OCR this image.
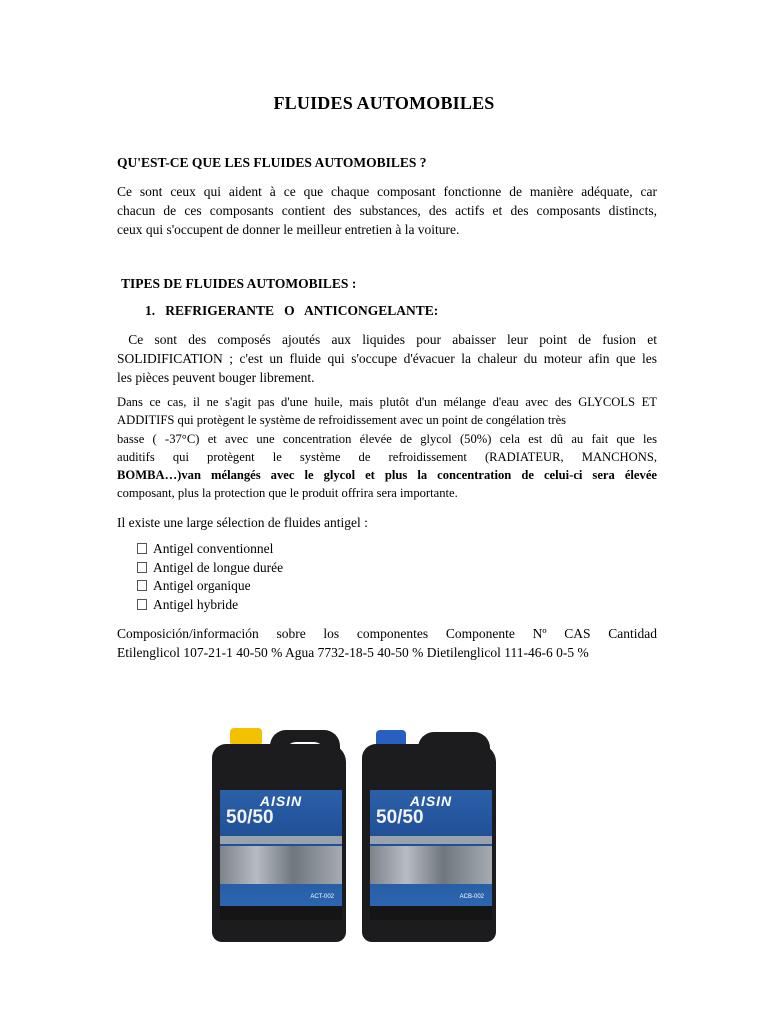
FLUIDES AUTOMOBILES
QU'EST-CE QUE LES FLUIDES AUTOMOBILES ?
Ce sont ceux qui aident à ce que chaque composant fonctionne de manière adéquate, car
chacun de ces composants contient des substances, des actifs et des composants distincts,
ceux qui s'occupent de donner le meilleur entretien à la voiture.
TIPES DE FLUIDES AUTOMOBILES :
1.   REFRIGERANTE   O   ANTICONGELANTE:
Ce sont des composés ajoutés aux liquides pour abaisser leur point de fusion et
SOLIDIFICATION ; c'est un fluide qui s'occupe d'évacuer la chaleur du moteur afin que les
les pièces peuvent bouger librement.
Dans ce cas, il ne s'agit pas d'une huile, mais plutôt d'un mélange d'eau avec des GLYCOLS ET
ADDITIFS qui protègent le système de refroidissement avec un point de congélation très
basse ( -37°C) et avec une concentration élevée de glycol (50%) cela est dû au fait que les
auditifs qui protègent le système de refroidissement (RADIATEUR, MANCHONS,
BOMBA…)van mélangés avec le glycol et plus la concentration de celui-ci sera élevée
composant, plus la protection que le produit offrira sera importante.
Il existe une large sélection de fluides antigel :
Antigel conventionnel
Antigel de longue durée
Antigel organique
Antigel hybride
Composición/información sobre los componentes Componente Nº CAS Cantidad
Etilenglicol 107-21-1 40-50 % Agua 7732-18-5 40-50 % Dietilenglicol 111-46-6 0-5 %
AISIN
50/50
ACT-002
AISIN
50/50
ACB-002
